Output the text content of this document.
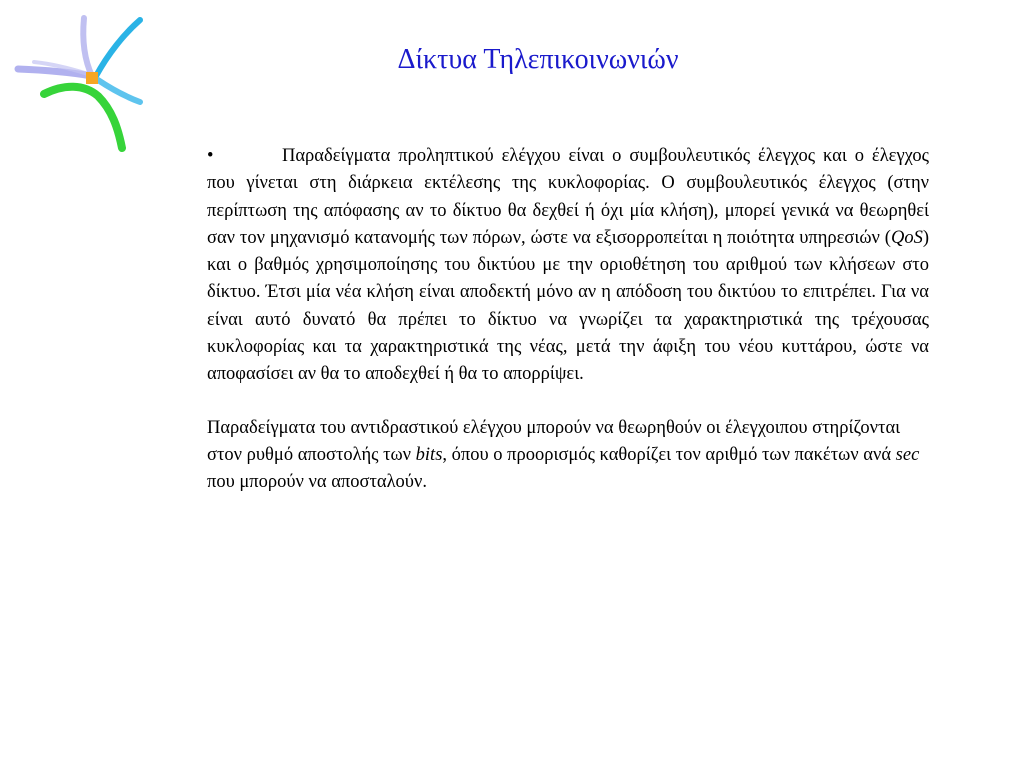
Δίκτυα Τηλεπικοινωνιών

•	Παραδείγματα προληπτικού ελέγχου είναι ο συμβουλευτικός έλεγχος και ο έλεγχος που γίνεται στη διάρκεια εκτέλεσης της κυκλοφορίας. Ο συμβουλευτικός έλεγχος (στην περίπτωση της απόφασης αν το δίκτυο θα δεχθεί ή όχι μία κλήση), μπορεί γενικά να θεωρηθεί σαν τον μηχανισμό κατανομής των πόρων, ώστε να εξισορροπείται η ποιότητα υπηρεσιών (QoS) και ο βαθμός χρησιμοποίησης του δικτύου με την οριοθέτηση του αριθμού των κλήσεων στο δίκτυο. Έτσι μία νέα κλήση είναι αποδεκτή μόνο αν η απόδοση του δικτύου το επιτρέπει. Για να είναι αυτό δυνατό θα πρέπει το δίκτυο να γνωρίζει τα χαρακτηριστικά της τρέχουσας κυκλοφορίας και τα χαρακτηριστικά της νέας, μετά την άφιξη του νέου κυττάρου, ώστε να αποφασίσει αν θα το αποδεχθεί ή θα το απορρίψει.

Παραδείγματα του αντιδραστικού ελέγχου μπορούν να θεωρηθούν οι έλεγχοιπου στηρίζονται στον ρυθμό αποστολής των bits, όπου ο προορισμός καθορίζει τον αριθμό των πακέτων ανά sec που μπορούν να αποσταλούν.
